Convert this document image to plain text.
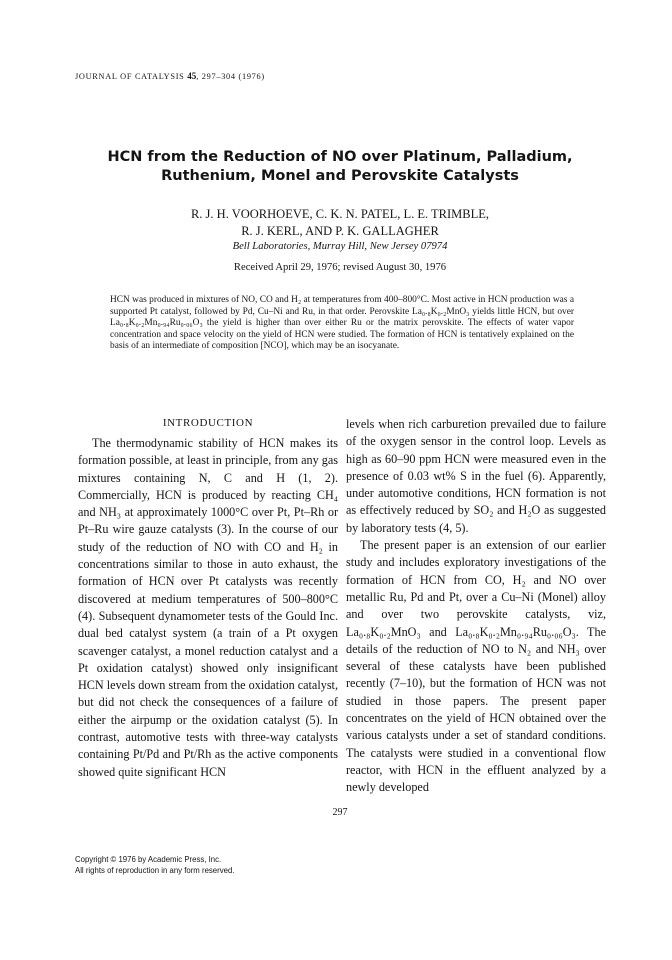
JOURNAL OF CATALYSIS 45, 297–304 (1976)
HCN from the Reduction of NO over Platinum, Palladium,
Ruthenium, Monel and Perovskite Catalysts
R. J. H. VOORHOEVE, C. K. N. PATEL, L. E. TRIMBLE,
R. J. KERL, AND P. K. GALLAGHER
Bell Laboratories, Murray Hill, New Jersey 07974
Received April 29, 1976; revised August 30, 1976
HCN was produced in mixtures of NO, CO and H₂ at temperatures from 400–800°C. Most active in HCN production was a supported Pt catalyst, followed by Pd, Cu–Ni and Ru, in that order. Perovskite La₀.₈K₀.₂MnO₃ yields little HCN, but over La₀.₈K₀.₂Mn₀.₉₄Ru₀.₀₆O₃ the yield is higher than over either Ru or the matrix perovskite. The effects of water vapor concentration and space velocity on the yield of HCN were studied. The formation of HCN is tentatively explained on the basis of an intermediate of composition [NCO], which may be an isocyanate.
INTRODUCTION

The thermodynamic stability of HCN makes its formation possible, at least in principle, from any gas mixtures containing N, C and H (1, 2). Commercially, HCN is produced by reacting CH₄ and NH₃ at approximately 1000°C over Pt, Pt–Rh or Pt–Ru wire gauze catalysts (3). In the course of our study of the reduction of NO with CO and H₂ in concentrations similar to those in auto exhaust, the formation of HCN over Pt catalysts was recently discovered at medium temperatures of 500–800°C (4). Subsequent dynamometer tests of the Gould Inc. dual bed catalyst system (a train of a Pt oxygen scavenger catalyst, a monel reduction catalyst and a Pt oxidation catalyst) showed only insignificant HCN levels down stream from the oxidation catalyst, but did not check the consequences of a failure of either the airpump or the oxidation catalyst (5). In contrast, automotive tests with three-way catalysts containing Pt/Pd and Pt/Rh as the active components showed quite significant HCN

levels when rich carburetion prevailed due to failure of the oxygen sensor in the control loop. Levels as high as 60–90 ppm HCN were measured even in the presence of 0.03 wt% S in the fuel (6). Apparently, under automotive conditions, HCN formation is not as effectively reduced by SO₂ and H₂O as suggested by laboratory tests (4, 5).

The present paper is an extension of our earlier study and includes exploratory investigations of the formation of HCN from CO, H₂ and NO over metallic Ru, Pd and Pt, over a Cu–Ni (Monel) alloy and over two perovskite catalysts, viz, La₀.₈K₀.₂MnO₃ and La₀.₈K₀.₂Mn₀.₉₄Ru₀.₀₆O₃. The details of the reduction of NO to N₂ and NH₃ over several of these catalysts have been published recently (7–10), but the formation of HCN was not studied in those papers. The present paper concentrates on the yield of HCN obtained over the various catalysts under a set of standard conditions. The catalysts were studied in a conventional flow reactor, with HCN in the effluent analyzed by a newly developed

297
Copyright © 1976 by Academic Press, Inc.
All rights of reproduction in any form reserved.
